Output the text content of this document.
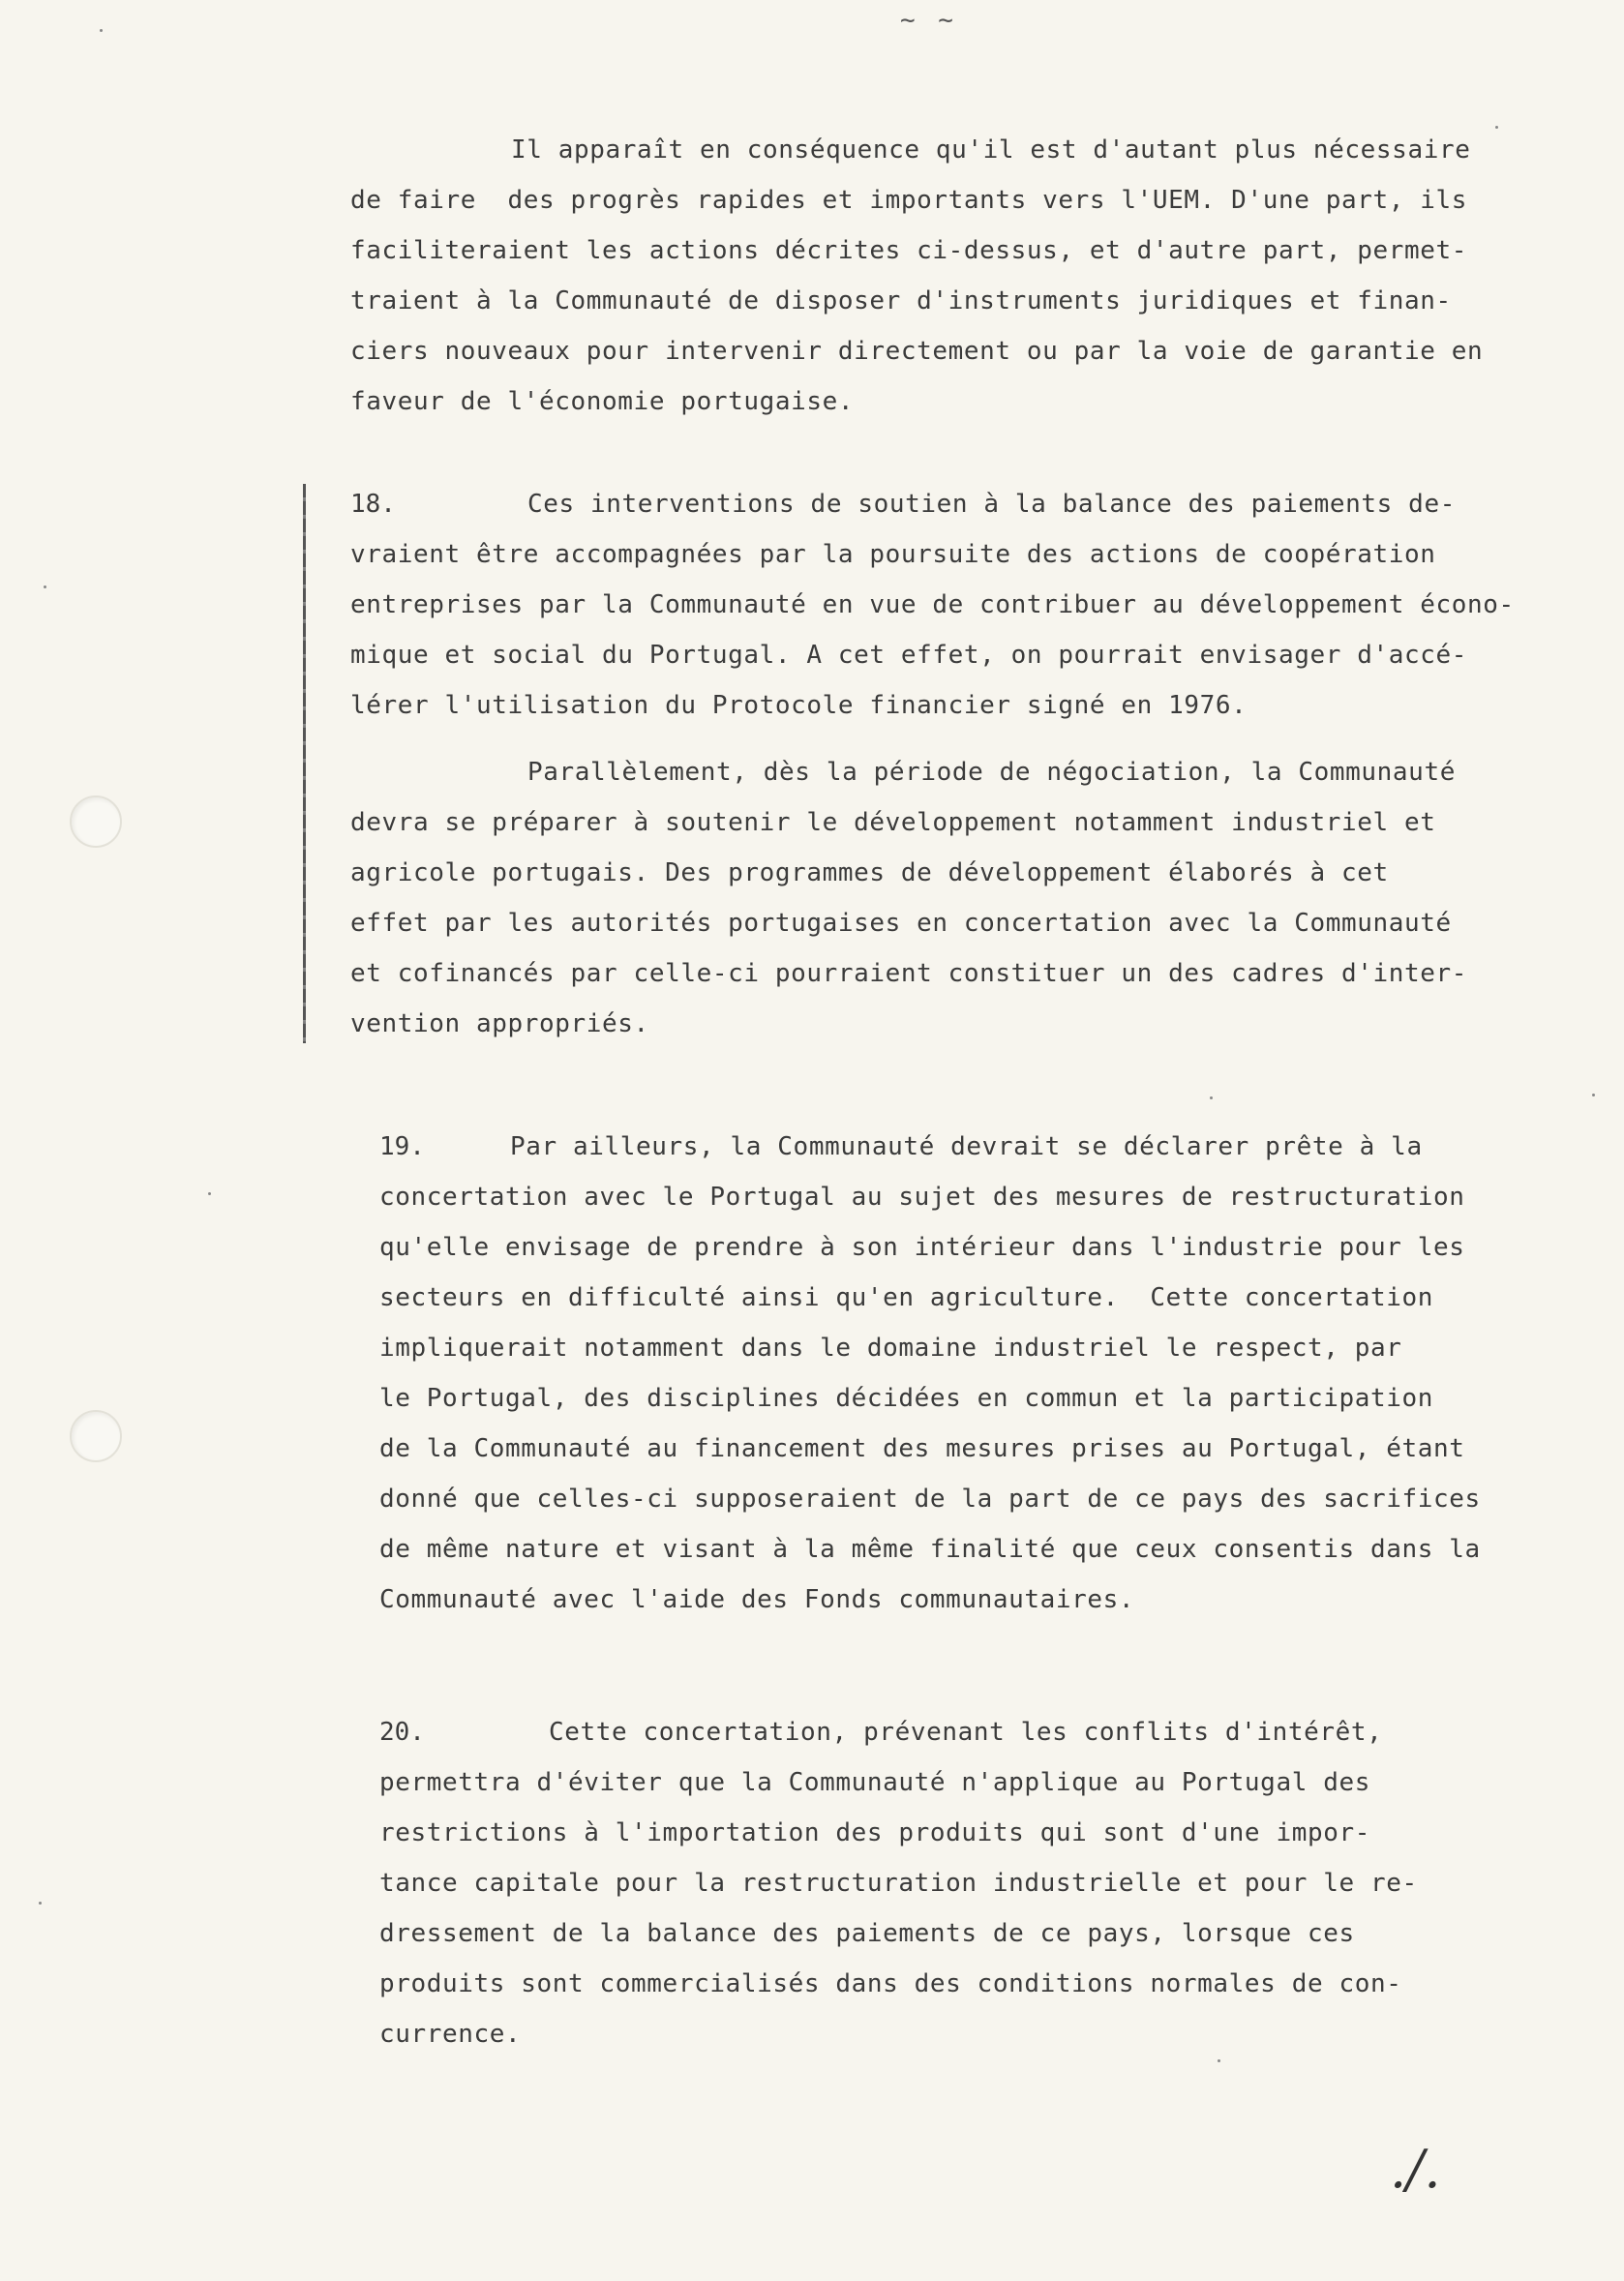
~ ~
Il apparaît en conséquence qu'il est d'autant plus nécessaire
de faire  des progrès rapides et importants vers l'UEM. D'une part, ils
faciliteraient les actions décrites ci-dessus, et d'autre part, permet-
traient à la Communauté de disposer d'instruments juridiques et finan-
ciers nouveaux pour intervenir directement ou par la voie de garantie en
faveur de l'économie portugaise.
18.	Ces interventions de soutien à la balance des paiements de-
vraient être accompagnées par la poursuite des actions de coopération
entreprises par la Communauté en vue de contribuer au développement écono-
mique et social du Portugal. A cet effet, on pourrait envisager d'accé-
lérer l'utilisation du Protocole financier signé en 1976.
Parallèlement, dès la période de négociation, la Communauté
devra se préparer à soutenir le développement notamment industriel et
agricole portugais. Des programmes de développement élaborés à cet
effet par les autorités portugaises en concertation avec la Communauté
et cofinancés par celle-ci pourraient constituer un des cadres d'inter-
vention appropriés.
19.	Par ailleurs, la Communauté devrait se déclarer prête à la
concertation avec le Portugal au sujet des mesures de restructuration
qu'elle envisage de prendre à son intérieur dans l'industrie pour les
secteurs en difficulté ainsi qu'en agriculture.  Cette concertation
impliquerait notamment dans le domaine industriel le respect, par
le Portugal, des disciplines décidées en commun et la participation
de la Communauté au financement des mesures prises au Portugal, étant
donné que celles-ci supposeraient de la part de ce pays des sacrifices
de même nature et visant à la même finalité que ceux consentis dans la
Communauté avec l'aide des Fonds communautaires.
20.	Cette concertation, prévenant les conflits d'intérêt,
permettra d'éviter que la Communauté n'applique au Portugal des
restrictions à l'importation des produits qui sont d'une impor-
tance capitale pour la restructuration industrielle et pour le re-
dressement de la balance des paiements de ce pays, lorsque ces
produits sont commercialisés dans des conditions normales de con-
currence.
./.
